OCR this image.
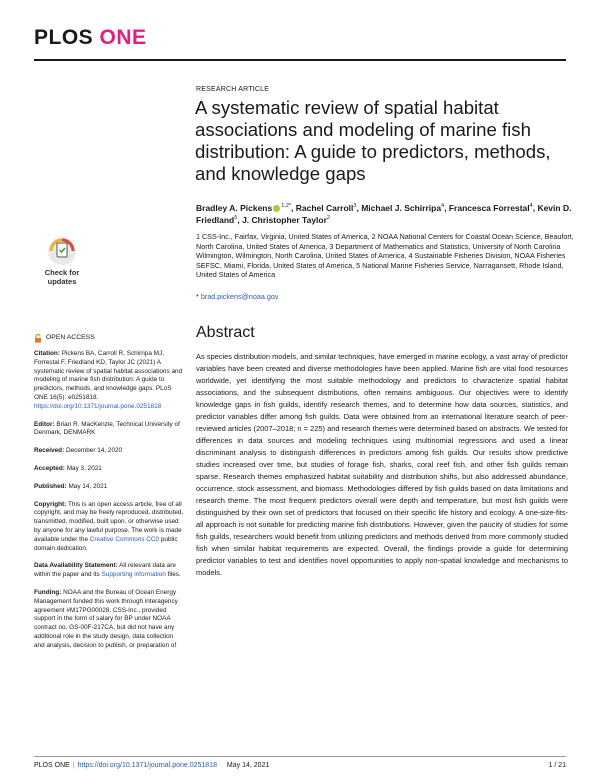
PLOS ONE
RESEARCH ARTICLE
A systematic review of spatial habitat associations and modeling of marine fish distribution: A guide to predictors, methods, and knowledge gaps
Bradley A. Pickens $^{1,2*}$, Rachel Carroll$^3$, Michael J. Schirripa$^4$, Francesca Forrestal$^4$, Kevin D. Friedland$^5$, J. Christopher Taylor$^2$
1 CSS-Inc., Fairfax, Virginia, United States of America, 2 NOAA National Centers for Coastal Ocean Science, Beaufort, North Carolina, United States of America, 3 Department of Mathematics and Statistics, University of North Carolina Wilmington, Wilmington, North Carolina, United States of America, 4 Sustainable Fisheries Division, NOAA Fisheries SEFSC, Miami, Florida, United States of America, 5 National Marine Fisheries Service, Narragansett, Rhode Island, United States of America
* brad.pickens@noaa.gov
Check for updates
OPEN ACCESS
Citation: Pickens BA, Carroll R, Schirripa MJ, Forrestal F, Friedland KD, Taylor JC (2021) A systematic review of spatial habitat associations and modeling of marine fish distribution: A guide to predictors, methods, and knowledge gaps. PLoS ONE 16(5): e0251818. https://doi.org/10.1371/journal.pone.0251818
Editor: Brian R. MacKenzie, Technical University of Denmark, DENMARK
Received: December 14, 2020
Accepted: May 3, 2021
Published: May 14, 2021
Copyright: This is an open access article, free of all copyright, and may be freely reproduced, distributed, transmitted, modified, built upon, or otherwise used by anyone for any lawful purpose. The work is made available under the Creative Commons CC0 public domain dedication.
Data Availability Statement: All relevant data are within the paper and its Supporting information files.
Funding: NOAA and the Bureau of Ocean Energy Management funded this work through interagency agreement #M17PG00028. CSS-Inc., provided support in the form of salary for BP under NOAA contract no. GS-00F-217CA, but did not have any additional role in the study design, data collection and analysis, decision to publish, or preparation of
Abstract

As species distribution models, and similar techniques, have emerged in marine ecology, a vast array of predictor variables have been created and diverse methodologies have been applied. Marine fish are vital food resources worldwide, yet identifying the most suitable methodology and predictors to characterize spatial habitat associations, and the subsequent distributions, often remains ambiguous. Our objectives were to identify knowledge gaps in fish guilds, identify research themes, and to determine how data sources, statistics, and predictor variables differ among fish guilds. Data were obtained from an international literature search of peer-reviewed articles (2007–2018; n = 225) and research themes were determined based on abstracts. We tested for differences in data sources and modeling techniques using multinomial regressions and used a linear discriminant analysis to distinguish differences in predictors among fish guilds. Our results show predictive studies increased over time, but studies of forage fish, sharks, coral reef fish, and other fish guilds remain sparse. Research themes emphasized habitat suitability and distribution shifts, but also addressed abundance, occurrence, stock assessment, and biomass. Methodologies differed by fish guilds based on data limitations and research theme. The most frequent predictors overall were depth and temperature, but most fish guilds were distinguished by their own set of predictors that focused on their specific life history and ecology. A one-size-fits-all approach is not suitable for predicting marine fish distributions. However, given the paucity of studies for some fish guilds, researchers would benefit from utilizing predictors and methods derived from more commonly studied fish when similar habitat requirements are expected. Overall, the findings provide a guide for determining predictor variables to test and identifies novel opportunities to apply non-spatial knowledge and mechanisms to models.

PLOS ONE | https://doi.org/10.1371/journal.pone.0251818 May 14, 2021	1 / 21
